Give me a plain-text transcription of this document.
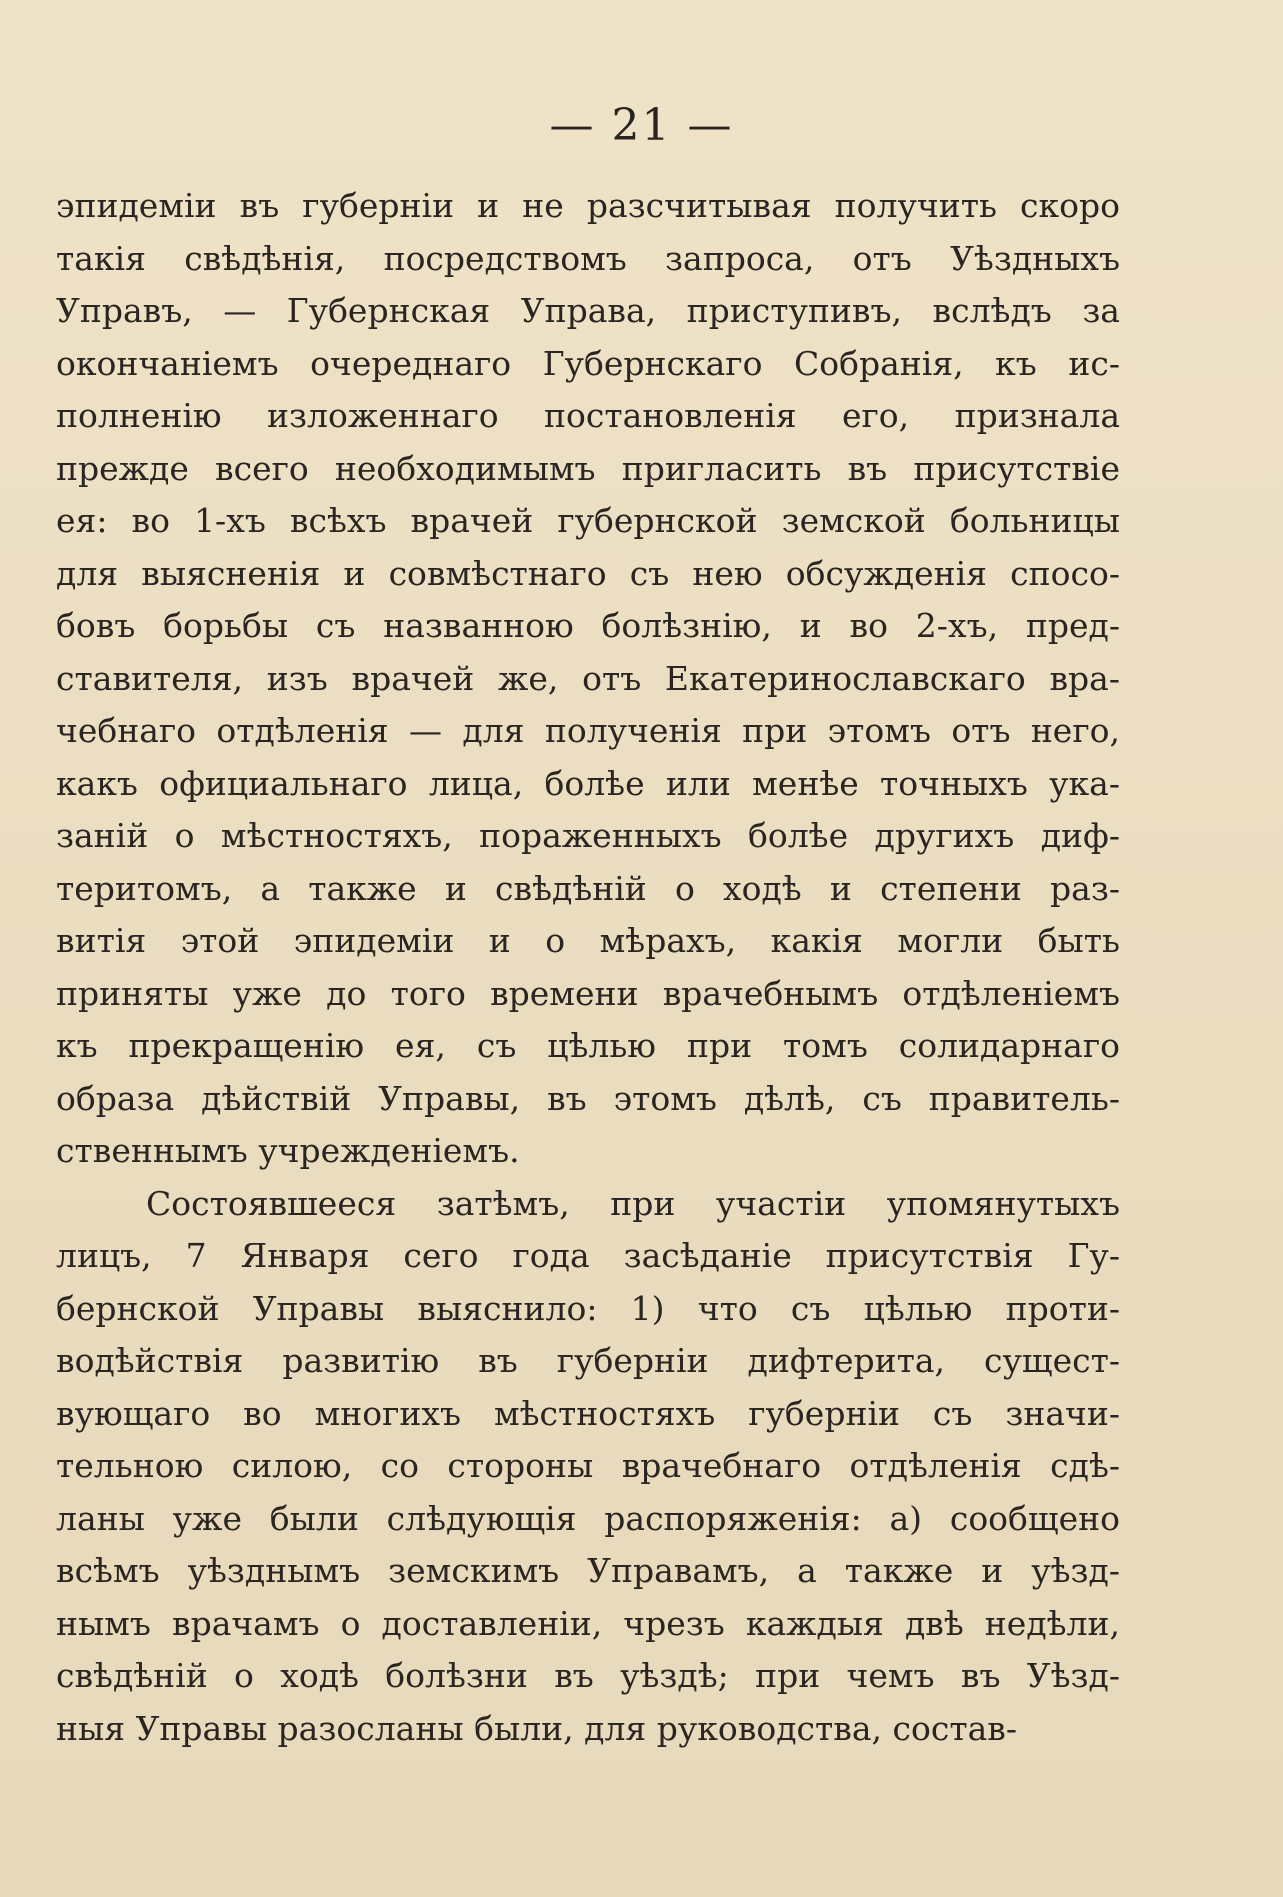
— 21 —
эпидеміи въ губерніи и не разсчитывая получить скоро
такія свѣдѣнія, посредствомъ запроса, отъ Уѣздныхъ
Управъ, — Губернская Управа, приступивъ, вслѣдъ за
окончаніемъ очереднаго Губернскаго Собранія, къ ис-
полненію изложеннаго постановленія его, признала
прежде всего необходимымъ пригласить въ присутствіе
ея: во 1-хъ всѣхъ врачей губернской земской больницы
для выясненія и совмѣстнаго съ нею обсужденія спосо-
бовъ борьбы съ названною болѣзнію, и во 2-хъ, пред-
ставителя, изъ врачей же, отъ Екатеринославскаго вра-
чебнаго отдѣленія — для полученія при этомъ отъ него,
какъ официальнаго лица, болѣе или менѣе точныхъ ука-
заній о мѣстностяхъ, пораженныхъ болѣе другихъ диф-
теритомъ, а также и свѣдѣній о ходѣ и степени раз-
витія этой эпидеміи и о мѣрахъ, какія могли быть
приняты уже до того времени врачебнымъ отдѣленіемъ
къ прекращенію ея, съ цѣлью при томъ солидарнаго
образа дѣйствій Управы, въ этомъ дѣлѣ, съ правитель-
ственнымъ учрежденіемъ.
Состоявшееся затѣмъ, при участіи упомянутыхъ
лицъ, 7 Января сего года засѣданіе присутствія Гу-
бернской Управы выяснило: 1) что съ цѣлью проти-
водѣйствія развитію въ губерніи дифтерита, сущест-
вующаго во многихъ мѣстностяхъ губерніи съ значи-
тельною силою, со стороны врачебнаго отдѣленія сдѣ-
ланы уже были слѣдующія распоряженія: а) сообщено
всѣмъ уѣзднымъ земскимъ Управамъ, а также и уѣзд-
нымъ врачамъ о доставленіи, чрезъ каждыя двѣ недѣли,
свѣдѣній о ходѣ болѣзни въ уѣздѣ; при чемъ въ Уѣзд-
ныя Управы разосланы были, для руководства, состав-
